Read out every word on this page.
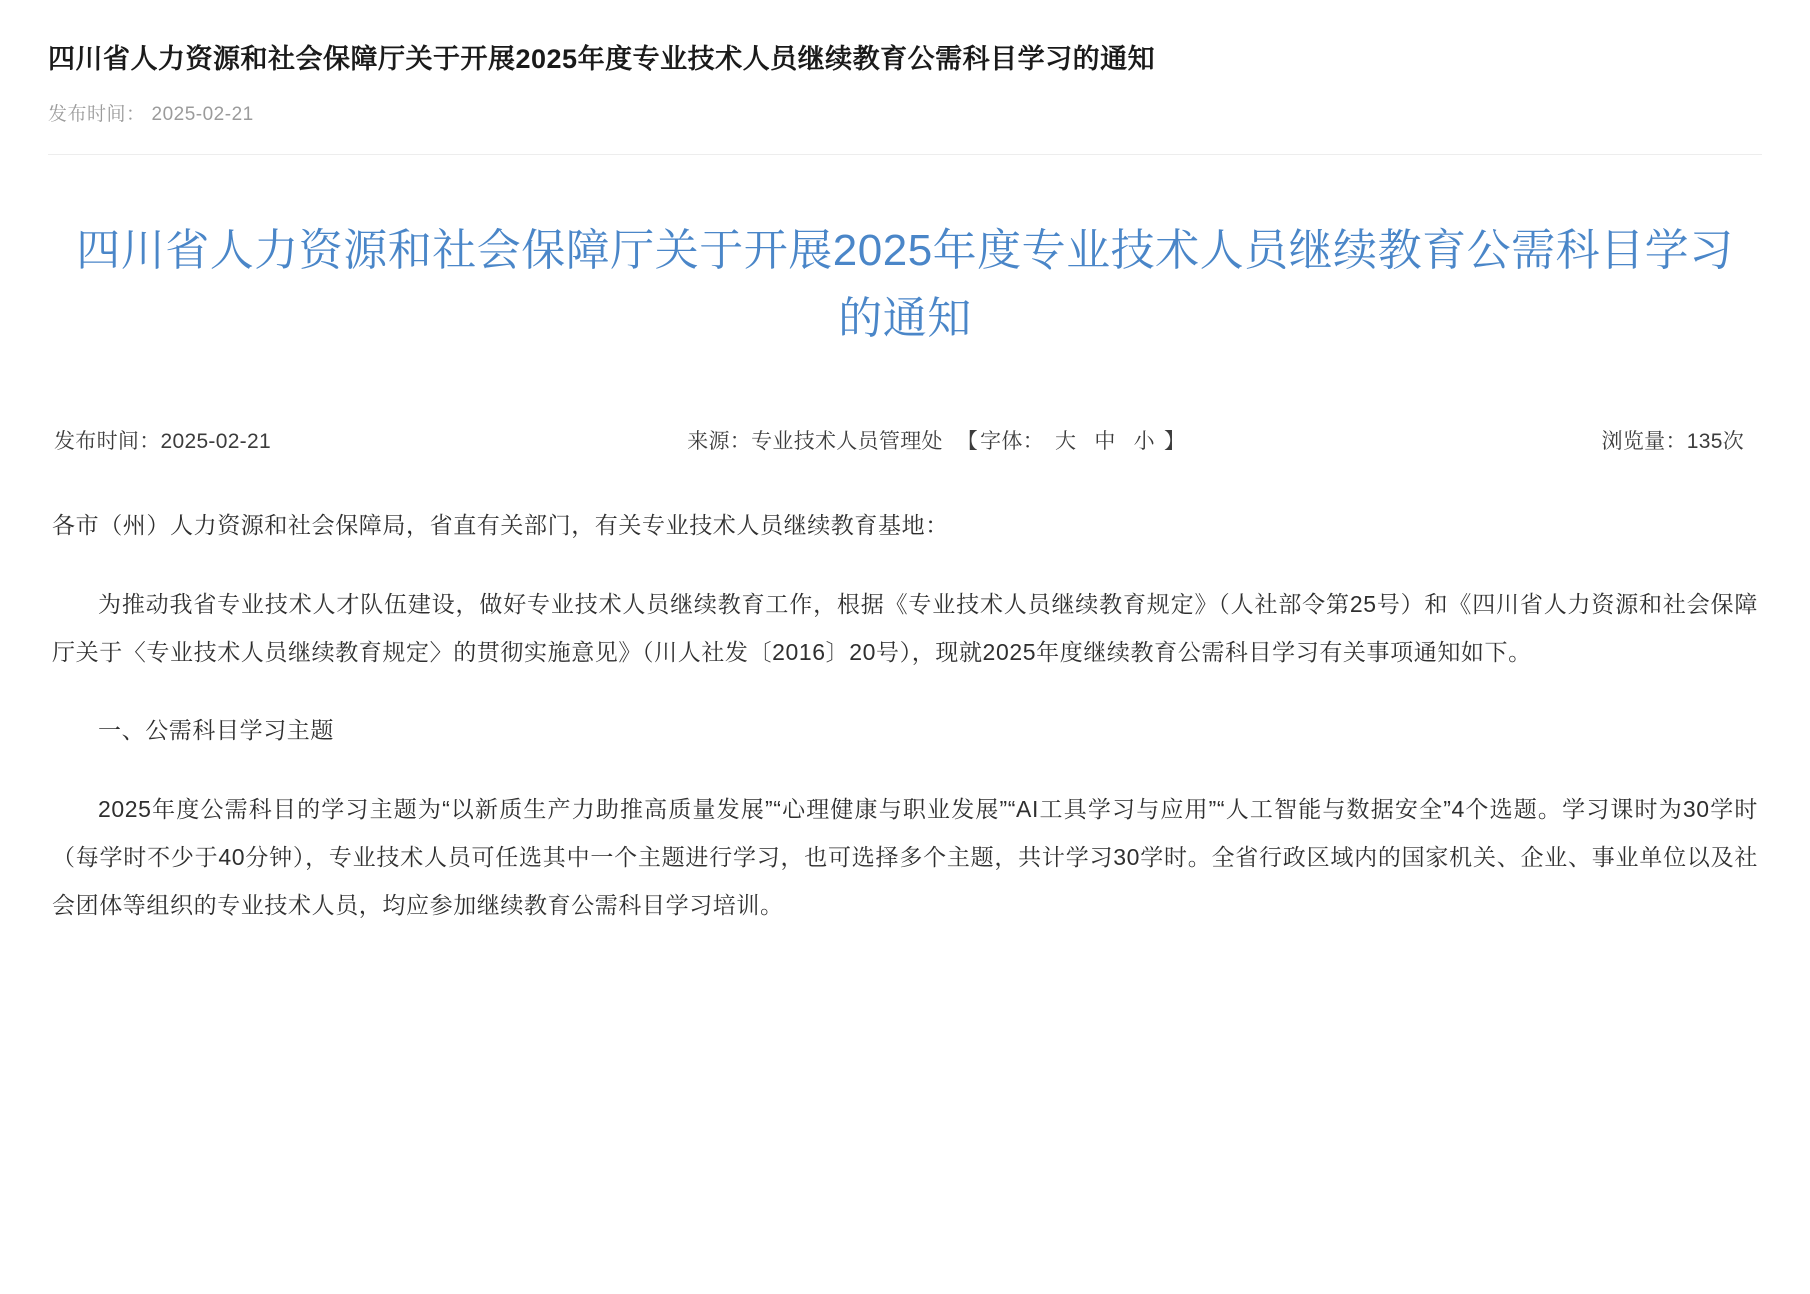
四川省人力资源和社会保障厅关于开展2025年度专业技术人员继续教育公需科目学习的通知
发布时间： 2025-02-21
四川省人力资源和社会保障厅关于开展2025年度专业技术人员继续教育公需科目学习的通知
发布时间：2025-02-21	来源：专业技术人员管理处 【 字体： 大 中 小 】	浏览量：135次

各市（州）人力资源和社会保障局，省直有关部门，有关专业技术人员继续教育基地：

为推动我省专业技术人才队伍建设，做好专业技术人员继续教育工作，根据《专业技术人员继续教育规定》（人社部令第25号）和《四川省人力资源和社会保障厅关于〈专业技术人员继续教育规定〉的贯彻实施意见》（川人社发〔2016〕20号），现就2025年度继续教育公需科目学习有关事项通知如下。

一、公需科目学习主题

2025年度公需科目的学习主题为“以新质生产力助推高质量发展”“心理健康与职业发展”“AI工具学习与应用”“人工智能与数据安全”4个选题。学习课时为30学时（每学时不少于40分钟），专业技术人员可任选其中一个主题进行学习，也可选择多个主题，共计学习30学时。全省行政区域内的国家机关、企业、事业单位以及社会团体等组织的专业技术人员，均应参加继续教育公需科目学习培训。
